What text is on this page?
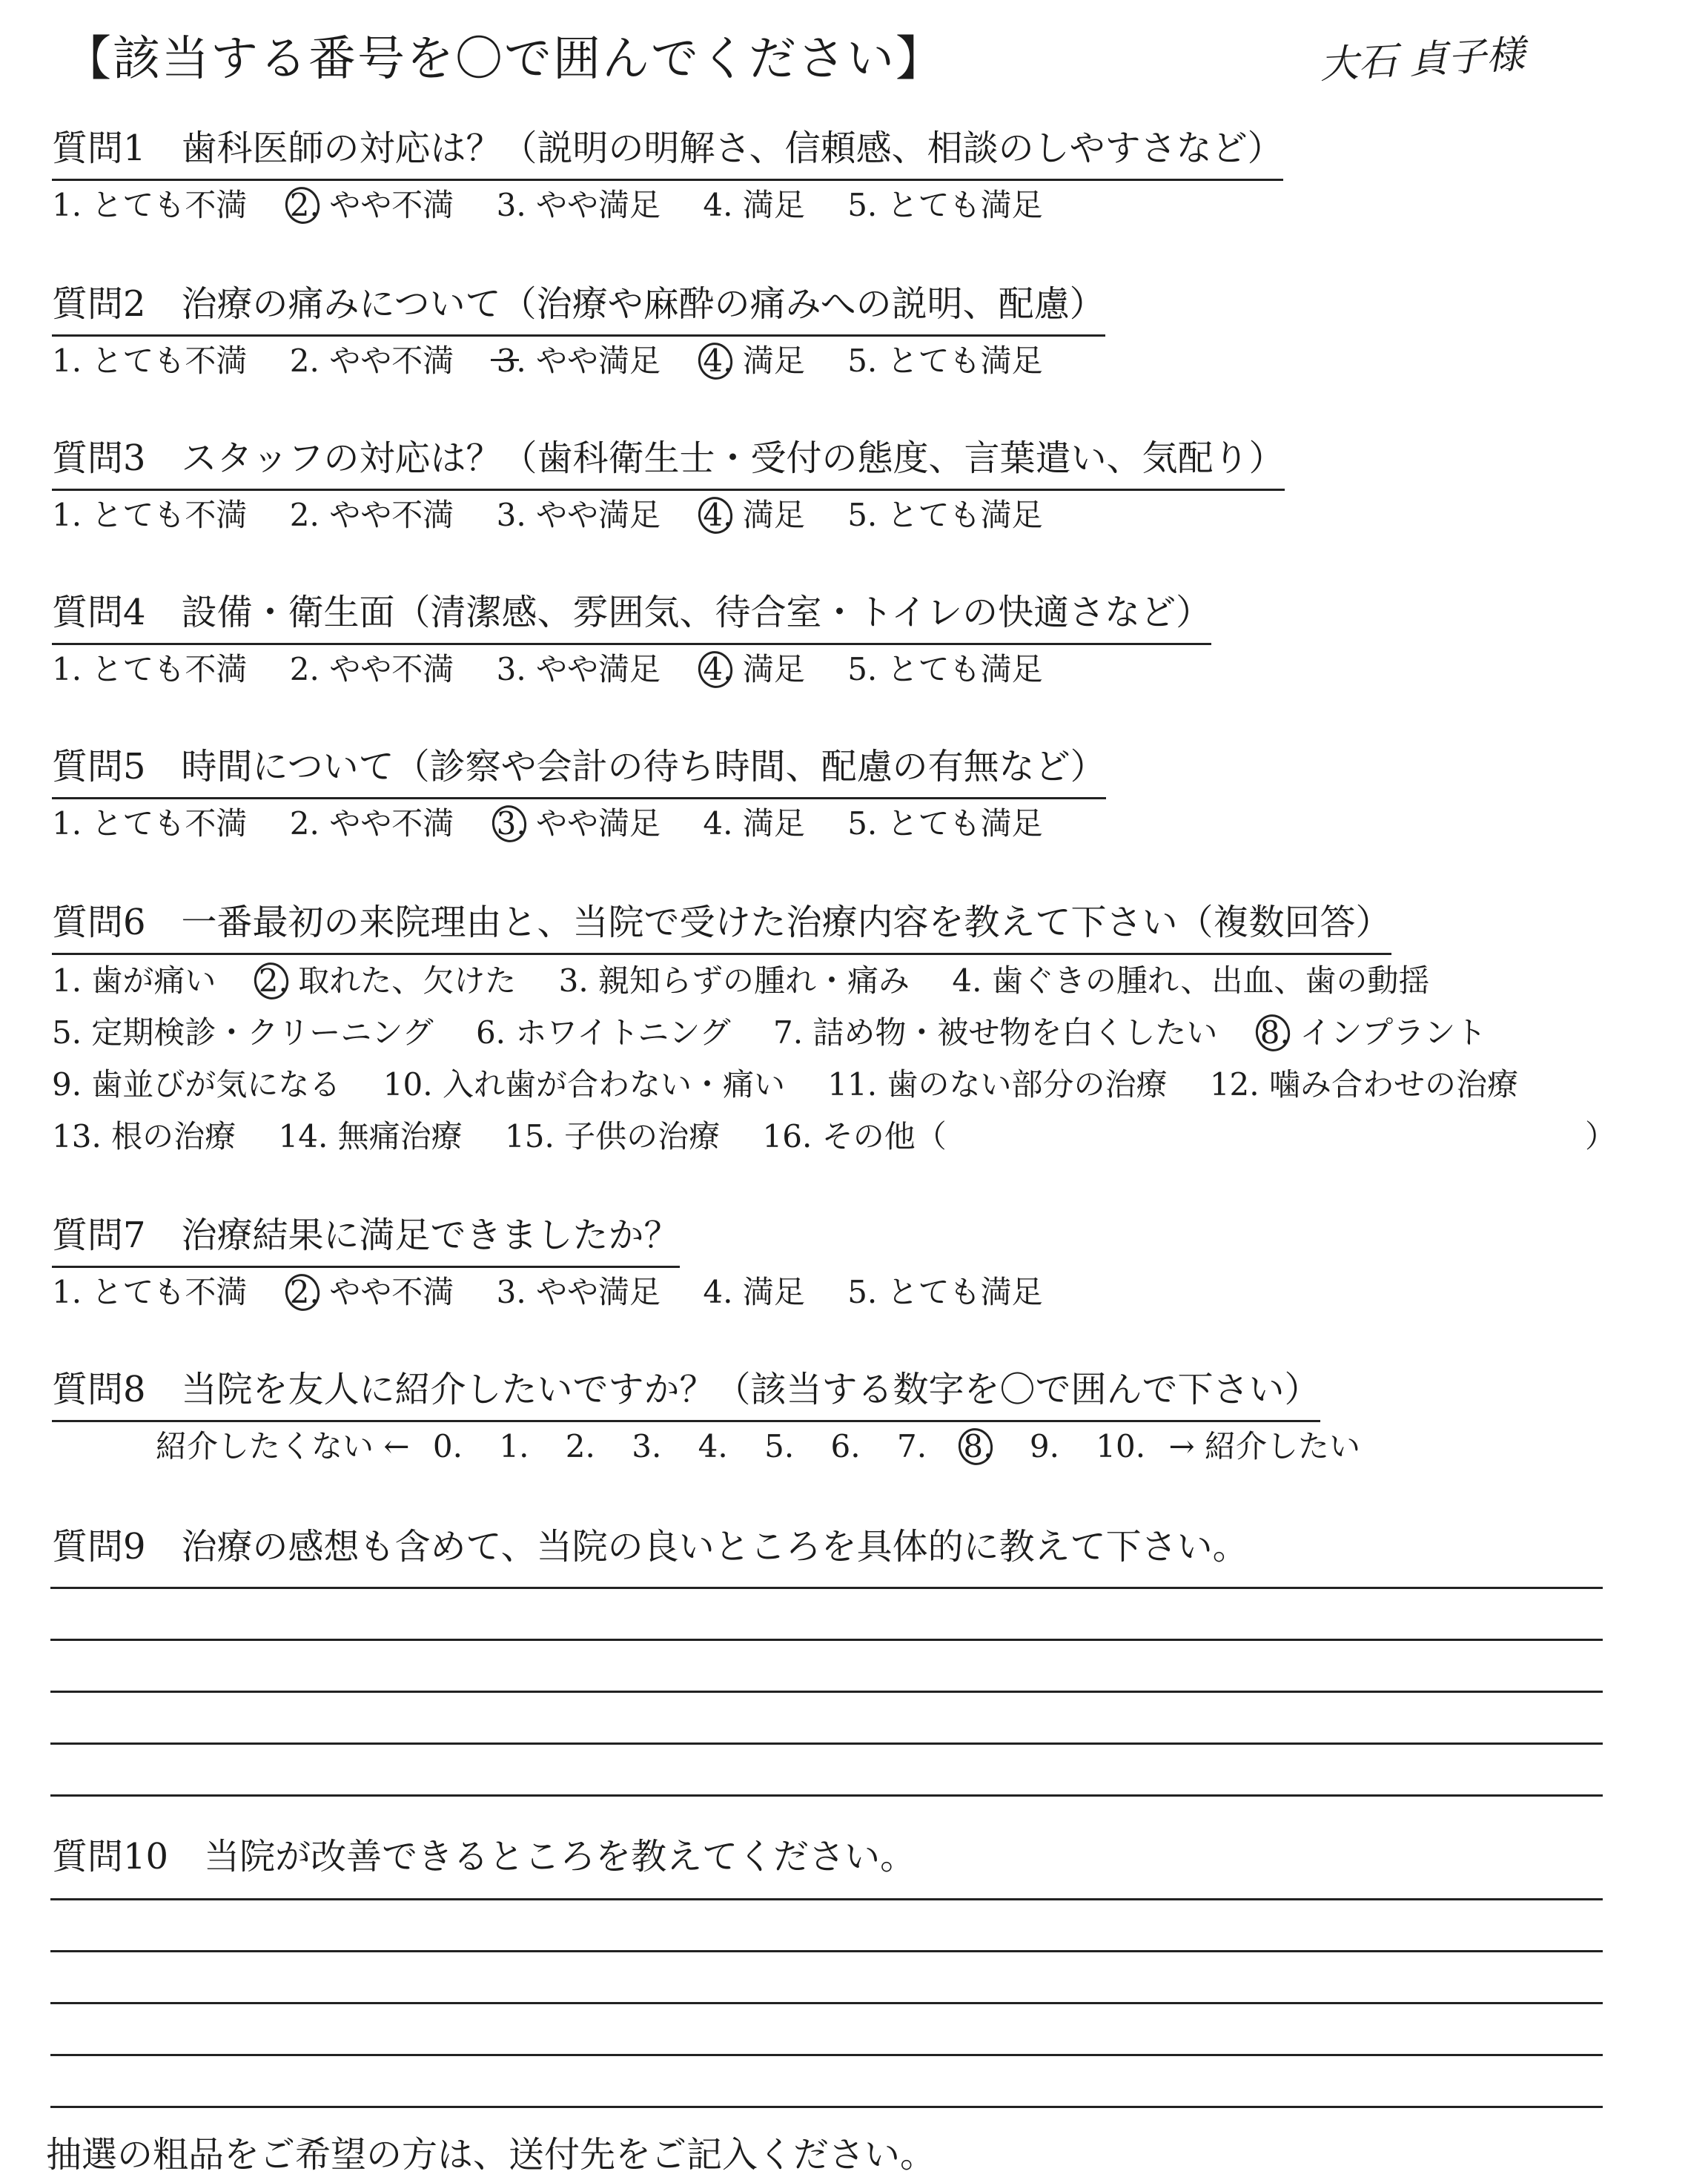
【該当する番号を〇で囲んでください】	大石 貞子様
質問1　歯科医師の対応は？（説明の明解さ、信頼感、相談のしやすさなど）
1. とても不満 2. やや不満 3. やや満足 4. 満足 5. とても満足
質問2　治療の痛みについて（治療や麻酔の痛みへの説明、配慮）
1. とても不満 2. やや不満 3. やや満足 4. 満足 5. とても満足
質問3　スタッフの対応は？（歯科衛生士・受付の態度、言葉遣い、気配り）
1. とても不満 2. やや不満 3. やや満足 4. 満足 5. とても満足
質問4　設備・衛生面（清潔感、雰囲気、待合室・トイレの快適さなど）
1. とても不満 2. やや不満 3. やや満足 4. 満足 5. とても満足
質問5　時間について（診察や会計の待ち時間、配慮の有無など）
1. とても不満 2. やや不満 3. やや満足 4. 満足 5. とても満足
質問6　一番最初の来院理由と、当院で受けた治療内容を教えて下さい（複数回答）
1. 歯が痛い 2. 取れた、欠けた 3. 親知らずの腫れ・痛み 4. 歯ぐきの腫れ、出血、歯の動揺
5. 定期検診・クリーニング 6. ホワイトニング 7. 詰め物・被せ物を白くしたい 8. インプラント
9. 歯並びが気になる 10. 入れ歯が合わない・痛い 11. 歯のない部分の治療 12. 噛み合わせの治療
13. 根の治療 14. 無痛治療 15. 子供の治療 16. その他（	）
質問7　治療結果に満足できましたか？
1. とても不満 2. やや不満 3. やや満足 4. 満足 5. とても満足
質問8　当院を友人に紹介したいですか？（該当する数字を〇で囲んで下さい）
紹介したくない ← 0. 1. 2. 3. 4. 5. 6. 7. 8. 9. 10. → 紹介したい
質問9　治療の感想も含めて、当院の良いところを具体的に教えて下さい。
質問10　当院が改善できるところを教えてください。
抽選の粗品をご希望の方は、送付先をご記入ください。
